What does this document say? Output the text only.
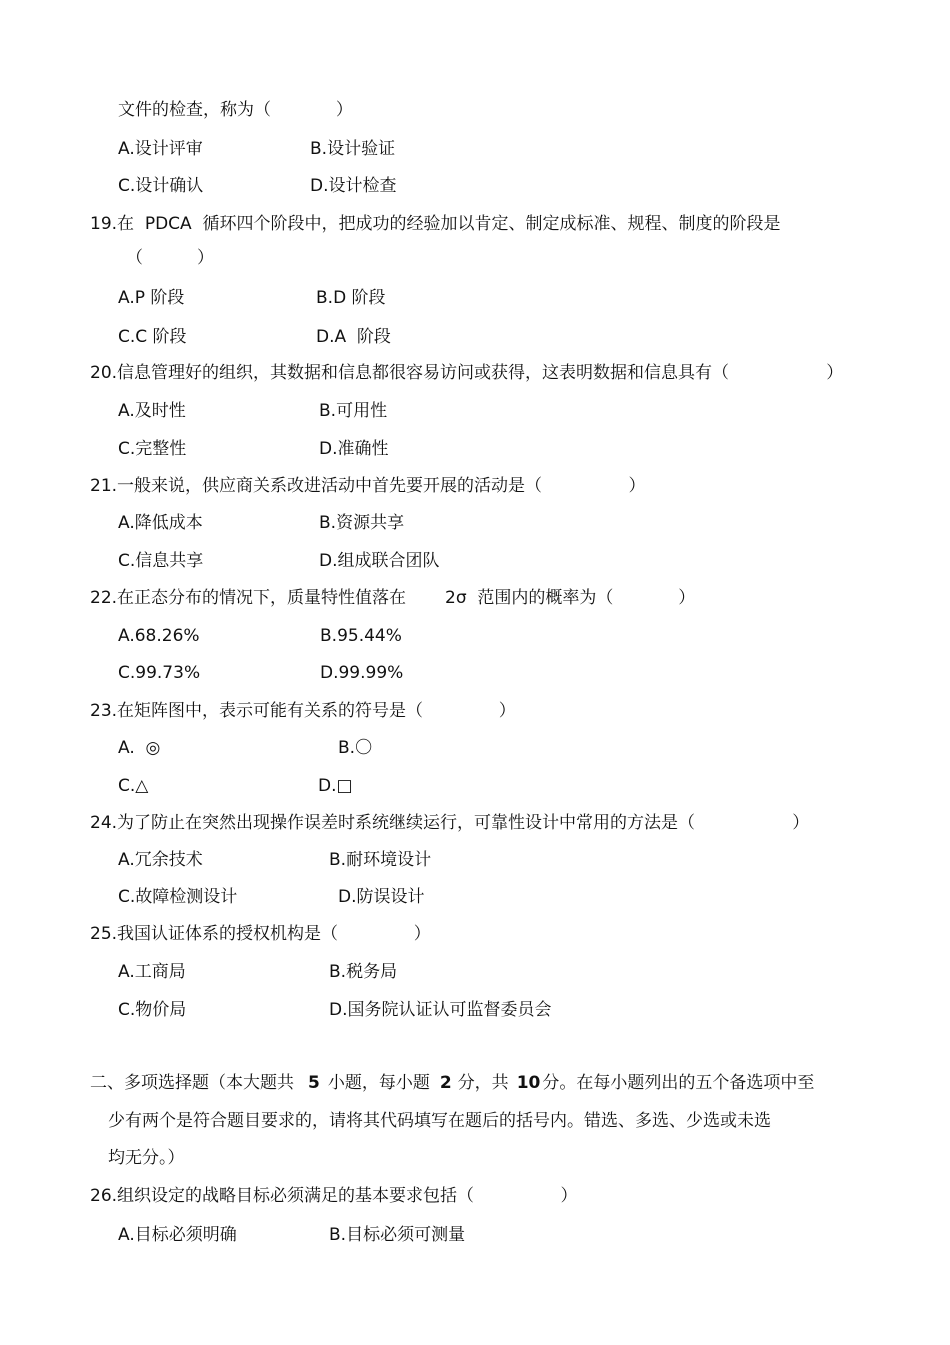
文件的检查，称为（            ）
A.设计评审	B.设计验证
C.设计确认	D.设计检查
19.在  PDCA  循环四个阶段中，把成功的经验加以肯定、制定成标准、规程、制度的阶段是
（          ）
A.P 阶段	B.D 阶段
C.C 阶段	D.A  阶段
20.信息管理好的组织，其数据和信息都很容易访问或获得，这表明数据和信息具有（                  ）
A.及时性	B.可用性
C.完整性	D.准确性
21.一般来说，供应商关系改进活动中首先要开展的活动是（                ）
A.降低成本	B.资源共享
C.信息共享	D.组成联合团队
22.在正态分布的情况下，质量特性值落在 2σ  范围内的概率为（            ）
A.68.26%	B.95.44%
C.99.73%	D.99.99%
23.在矩阵图中，表示可能有关系的符号是（              ）
A.  ◎	B.〇
C.△	D.□
24.为了防止在突然出现操作误差时系统继续运行，可靠性设计中常用的方法是（                  ）
A.冗余技术	B.耐环境设计
C.故障检测设计	D.防误设计
25.我国认证体系的授权机构是（              ）
A.工商局	B.税务局
C.物价局	D.国务院认证认可监督委员会
二、多项选择题（本大题共 5 小题，每小题 2 分，共 10 分。在每小题列出的五个备选项中至
少有两个是符合题目要求的，请将其代码填写在题后的括号内。错选、多选、少选或未选
均无分。）
26.组织设定的战略目标必须满足的基本要求包括（                ）
A.目标必须明确	B.目标必须可测量
